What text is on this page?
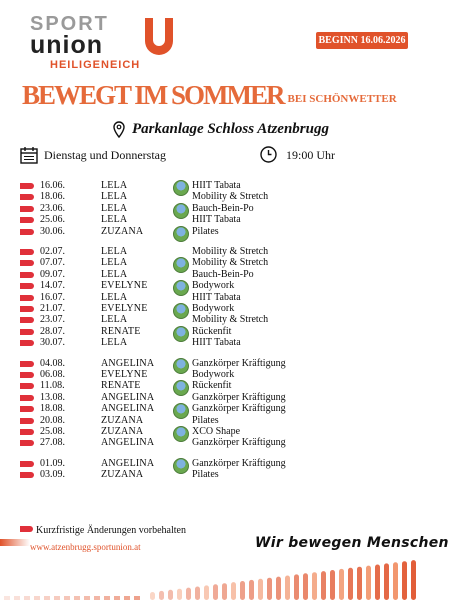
SPORT
union
HEILIGENEICH
BEGINN 16.06.2026
BEWEGT IM SOMMER BEI SCHÖNWETTER
Parkanlage Schloss Atzenbrugg
Dienstag und Donnerstag	19:00 Uhr
16.06.	LELA	HIIT Tabata
18.06.	LELA	Mobility & Stretch
23.06.	LELA	Bauch-Bein-Po
25.06.	LELA	HIIT Tabata
30.06.	ZUZANA	Pilates
02.07.	LELA	Mobility & Stretch
07.07.	LELA	Mobility & Stretch
09.07.	LELA	Bauch-Bein-Po
14.07.	EVELYNE	Bodywork
16.07.	LELA	HIIT Tabata
21.07.	EVELYNE	Bodywork
23.07.	LELA	Mobility & Stretch
28.07.	RENATE	Rückenfit
30.07.	LELA	HIIT Tabata
04.08.	ANGELINA	Ganzkörper Kräftigung
06.08.	EVELYNE	Bodywork
11.08.	RENATE	Rückenfit
13.08.	ANGELINA	Ganzkörper Kräftigung
18.08.	ANGELINA	Ganzkörper Kräftigung
20.08.	ZUZANA	Pilates
25.08.	ZUZANA	XCO Shape
27.08.	ANGELINA	Ganzkörper Kräftigung
01.09.	ANGELINA	Ganzkörper Kräftigung
03.09.	ZUZANA	Pilates
Kurzfristige Änderungen vorbehalten
www.atzenbrugg.sportunion.at	Wir bewegen Menschen
